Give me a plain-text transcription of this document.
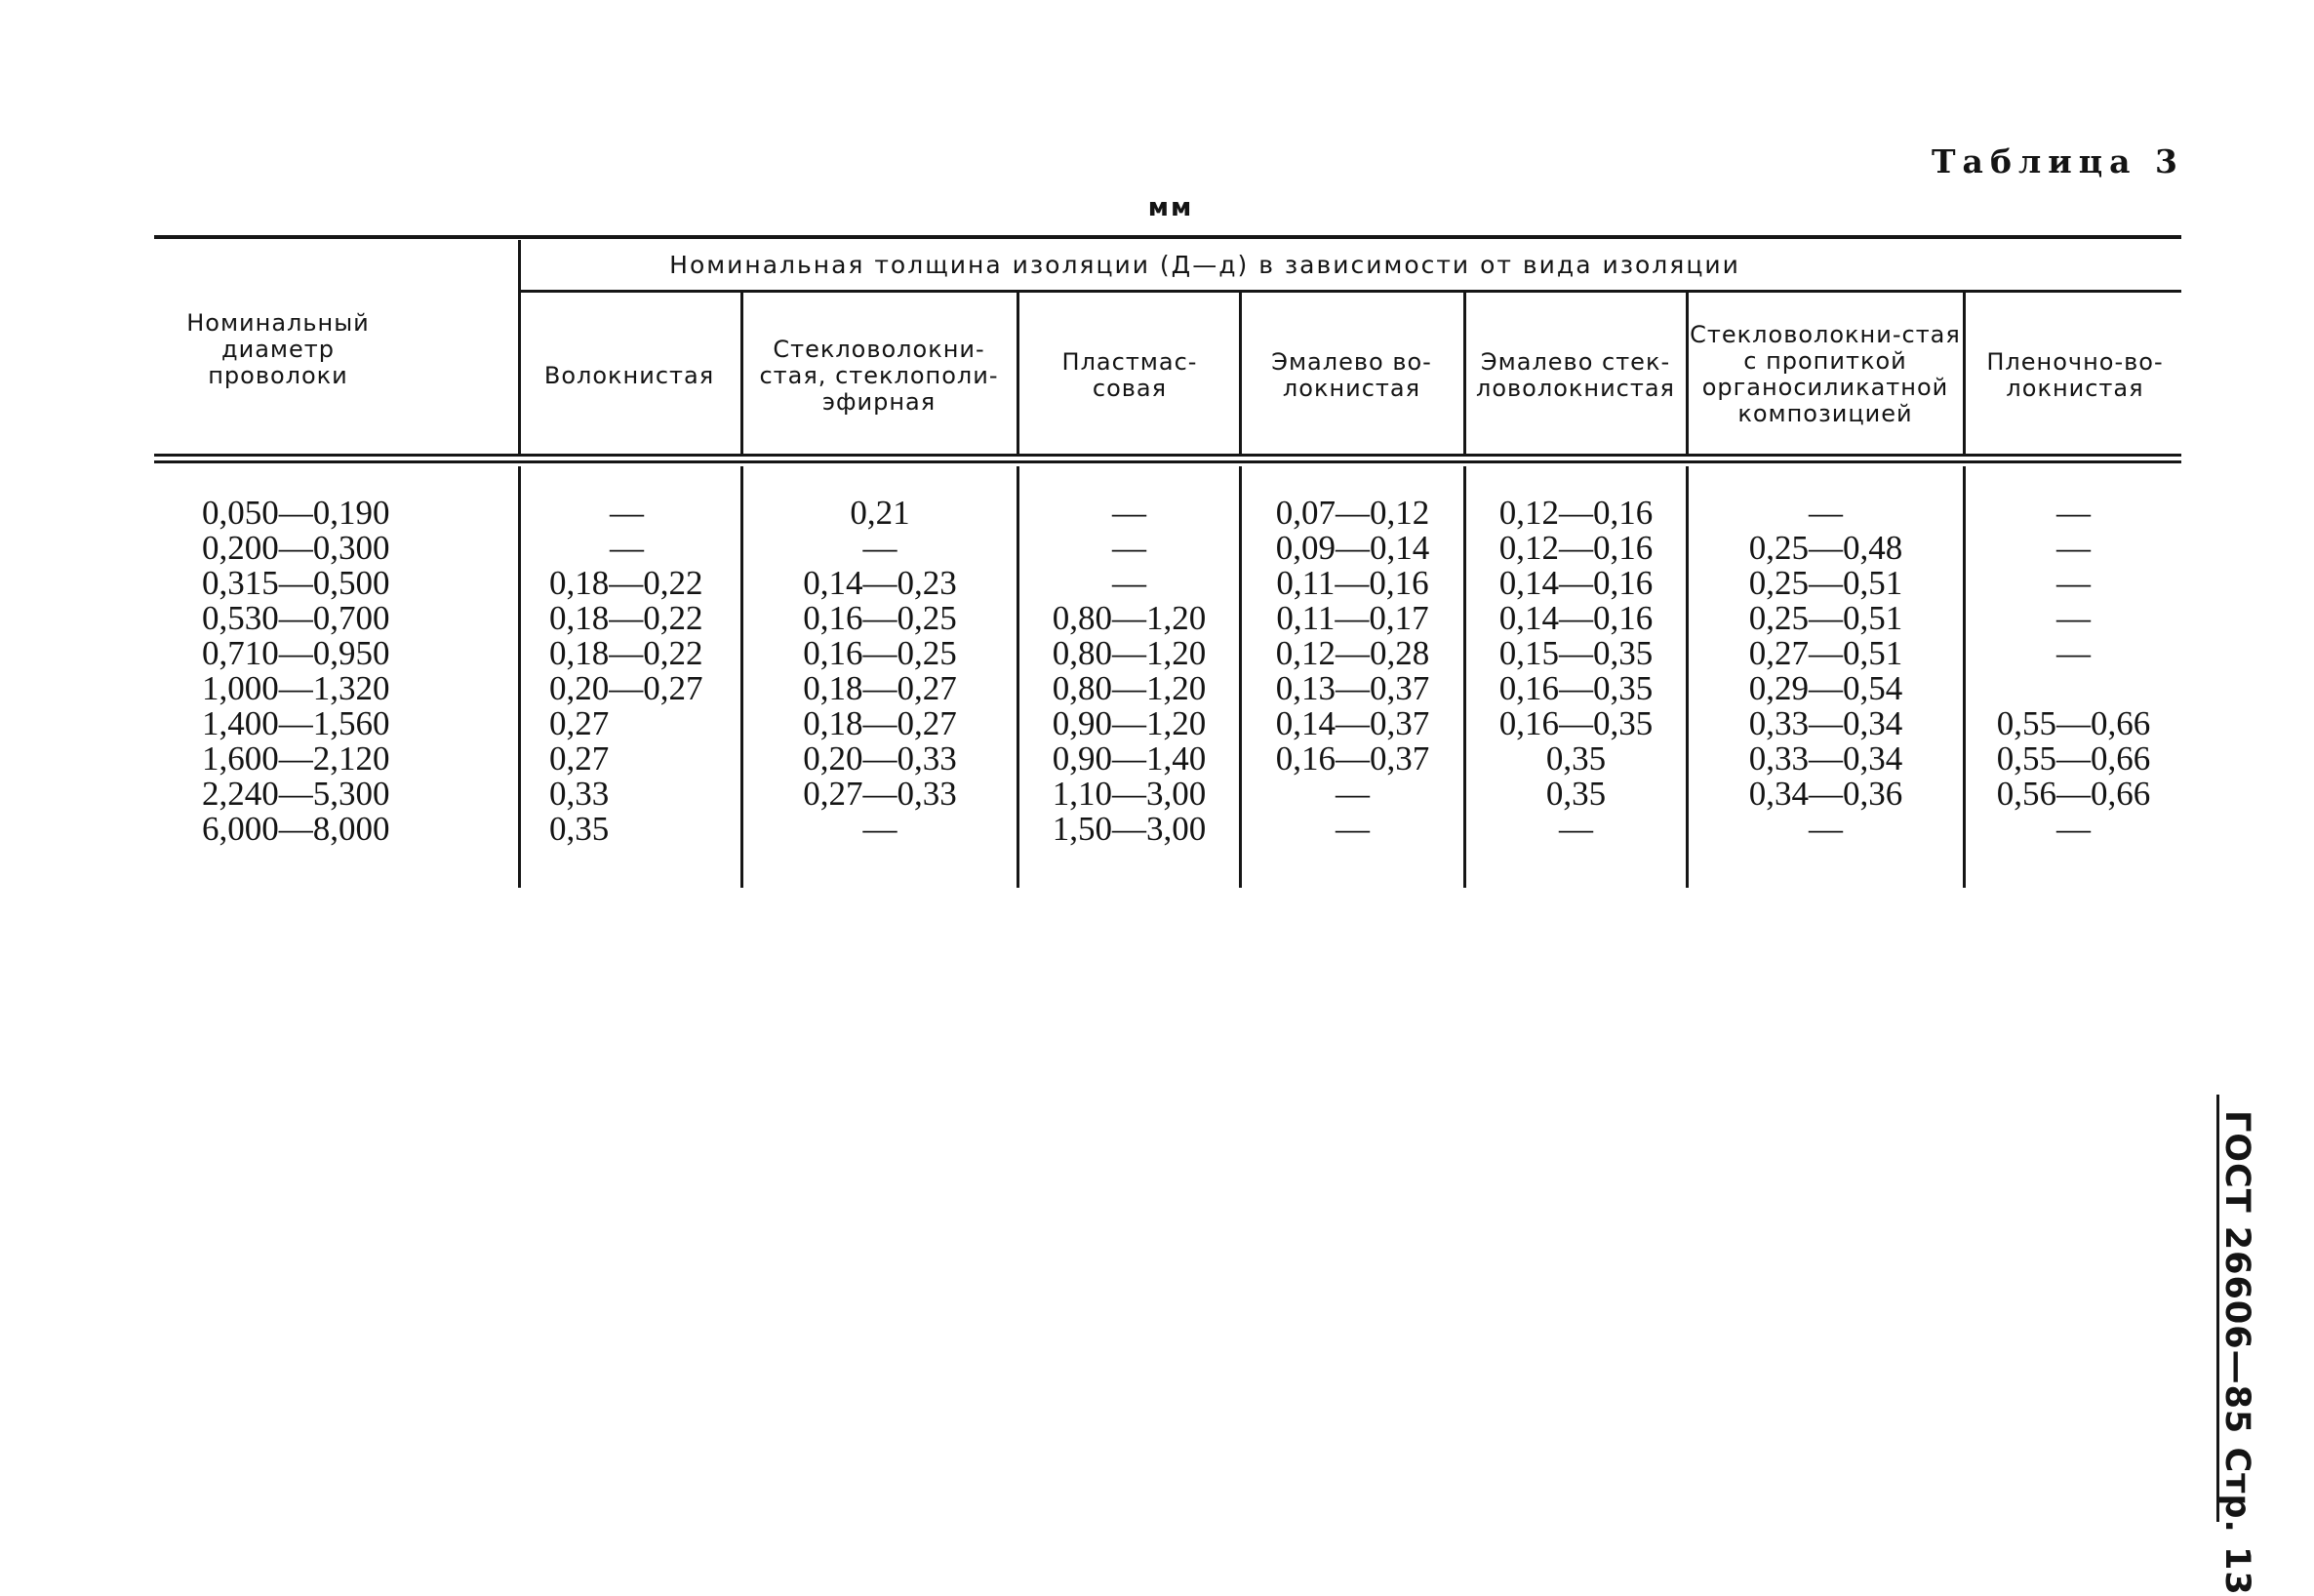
Таблица 3
мм
Номинальный диаметр проволоки
Номинальная толщина изоляции (Д—д) в зависимости от вида изоляции
Волокнистая
Стекловолокни-стая, стеклополи-эфирная
Пластмас-совая
Эмалево во-локнистая
Эмалево стек-ловолокнистая
Стекловолокни-стая с пропиткой органосиликатной композицией
Пленочно-во-локнистая
0,050—0,190
0,200—0,300
0,315—0,500
0,530—0,700
0,710—0,950
1,000—1,320
1,400—1,560
1,600—2,120
2,240—5,300
6,000—8,000
—
—
0,18—0,22
0,18—0,22
0,18—0,22
0,20—0,27
0,27
0,27
0,33
0,35
0,21
—
0,14—0,23
0,16—0,25
0,16—0,25
0,18—0,27
0,18—0,27
0,20—0,33
0,27—0,33
—
—
—
—
0,80—1,20
0,80—1,20
0,80—1,20
0,90—1,20
0,90—1,40
1,10—3,00
1,50—3,00
0,07—0,12
0,09—0,14
0,11—0,16
0,11—0,17
0,12—0,28
0,13—0,37
0,14—0,37
0,16—0,37
—
—
0,12—0,16
0,12—0,16
0,14—0,16
0,14—0,16
0,15—0,35
0,16—0,35
0,16—0,35
0,35
0,35
—
—
0,25—0,48
0,25—0,51
0,25—0,51
0,27—0,51
0,29—0,54
0,33—0,34
0,33—0,34
0,34—0,36
—
—
—
—
—
—
0,55—0,66
0,55—0,66
0,56—0,66
—
ГОСТ 26606—85 Стр. 13
